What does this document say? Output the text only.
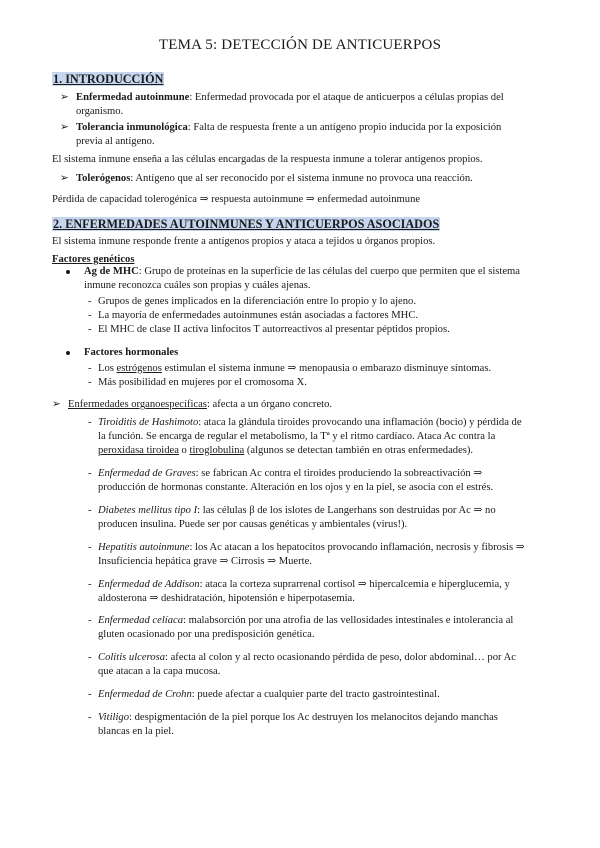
TEMA 5: DETECCIÓN DE ANTICUERPOS
1. INTRODUCCIÓN
➢ Enfermedad autoinmune: Enfermedad provocada por el ataque de anticuerpos a células propias del
organismo.
➢ Tolerancia inmunológica: Falta de respuesta frente a un antígeno propio inducida por la exposición
previa al antígeno.
El sistema inmune enseña a las células encargadas de la respuesta inmune a tolerar antígenos propios.
➢ Tolerógenos: Antígeno que al ser reconocido por el sistema inmune no provoca una reacción.
Pérdida de capacidad tolerogénica ⇒ respuesta autoinmune ⇒ enfermedad autoinmune
2. ENFERMEDADES AUTOINMUNES Y ANTICUERPOS ASOCIADOS
El sistema inmune responde frente a antígenos propios y ataca a tejidos u órganos propios.
Factores genéticos
Ag de MHC: Grupo de proteínas en la superficie de las células del cuerpo que permiten que el sistema
inmune reconozca cuáles son propias y cuáles ajenas.
- Grupos de genes implicados en la diferenciación entre lo propio y lo ajeno.
- La mayoría de enfermedades autoinmunes están asociadas a factores MHC.
- El MHC de clase II activa linfocitos T autorreactivos al presentar péptidos propios.
Factores hormonales
- Los estrógenos estimulan el sistema inmune ⇒ menopausia o embarazo disminuye síntomas.
- Más posibilidad en mujeres por el cromosoma X.
➢ Enfermedades organoespecíficas: afecta a un órgano concreto.
- Tiroiditis de Hashimoto: ataca la glándula tiroides provocando una inflamación (bocio) y pérdida de
la función. Se encarga de regular el metabolismo, la Tª y el ritmo cardíaco. Ataca Ac contra la
peroxidasa tiroidea o tiroglobulina (algunos se detectan también en otras enfermedades).
- Enfermedad de Graves: se fabrican Ac contra el tiroides produciendo la sobreactivación ⇒
producción de hormonas constante. Alteración en los ojos y en la piel, se asocia con el estrés.
- Diabetes mellitus tipo I: las células β de los islotes de Langerhans son destruidas por Ac ⇒ no
producen insulina. Puede ser por causas genéticas y ambientales (virus!).
- Hepatitis autoinmune: los Ac atacan a los hepatocitos provocando inflamación, necrosis y fibrosis ⇒
Insuficiencia hepática grave ⇒ Cirrosis ⇒ Muerte.
- Enfermedad de Addison: ataca la corteza suprarrenal cortisol ⇒ hipercalcemia e hiperglucemia, y
aldosterona ⇒ deshidratación, hipotensión e hiperpotasemia.
- Enfermedad celíaca: malabsorción por una atrofia de las vellosidades intestinales e intolerancia al
gluten ocasionado por una predisposición genética.
- Colitis ulcerosa: afecta al colon y al recto ocasionando pérdida de peso, dolor abdominal… por Ac
que atacan a la capa mucosa.
- Enfermedad de Crohn: puede afectar a cualquier parte del tracto gastrointestinal.
- Vitiligo: despigmentación de la piel porque los Ac destruyen los melanocitos dejando manchas
blancas en la piel.
